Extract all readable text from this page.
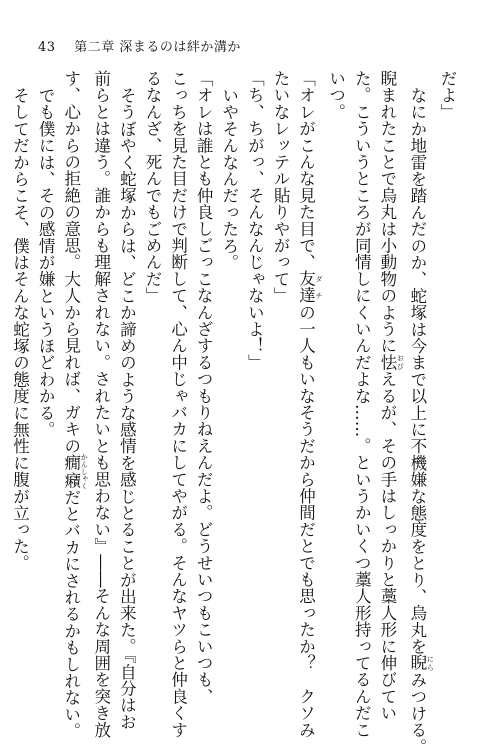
43 第二章 深まるのは絆か溝か
だよ」
なにか地雷を踏んだのか、蛇塚は今まで以上に不機嫌な態度をとり、烏丸を睨 にらみつける。
睨まれたことで烏丸は小動物のように怯 おびえるが、その手はしっかりと藁人形に伸びてい
た。こういうところが同情しにくいんだよな……。というかいくつ藁人形持ってるんだこ
いつ。
「オレがこんな見た目で、友達 ダチの一人もいなそうだから仲間だとでも思ったか？　クソみ
たいなレッテル貼りやがって」
「ち、ちがっ、そんなんじゃないよ！」
いやそんなんだったろ。
「オレは誰とも仲良しごっこなんざするつもりねえんだよ。どうせいつもこいつも、
こっちを見た目だけで判断して、心ん中じゃバカにしてやがる。そんなヤツらと仲良くす
るなんざ、死んでもごめんだ」
そうぼやく蛇塚からは、どこか諦めのような感情を感じとることが出来た。『自分はお
前らとは違う。誰からも理解されない。されたいとも思わない』――そんな周囲を突き放
す、心からの拒絶の意思。大人から見れば、ガキの癇癪 かんしゃくだとバカにされるかもしれない。
でも僕には、その感情が嫌というほどわかる。
そしてだからこそ、僕はそんな蛇塚の態度に無性に腹が立った。
